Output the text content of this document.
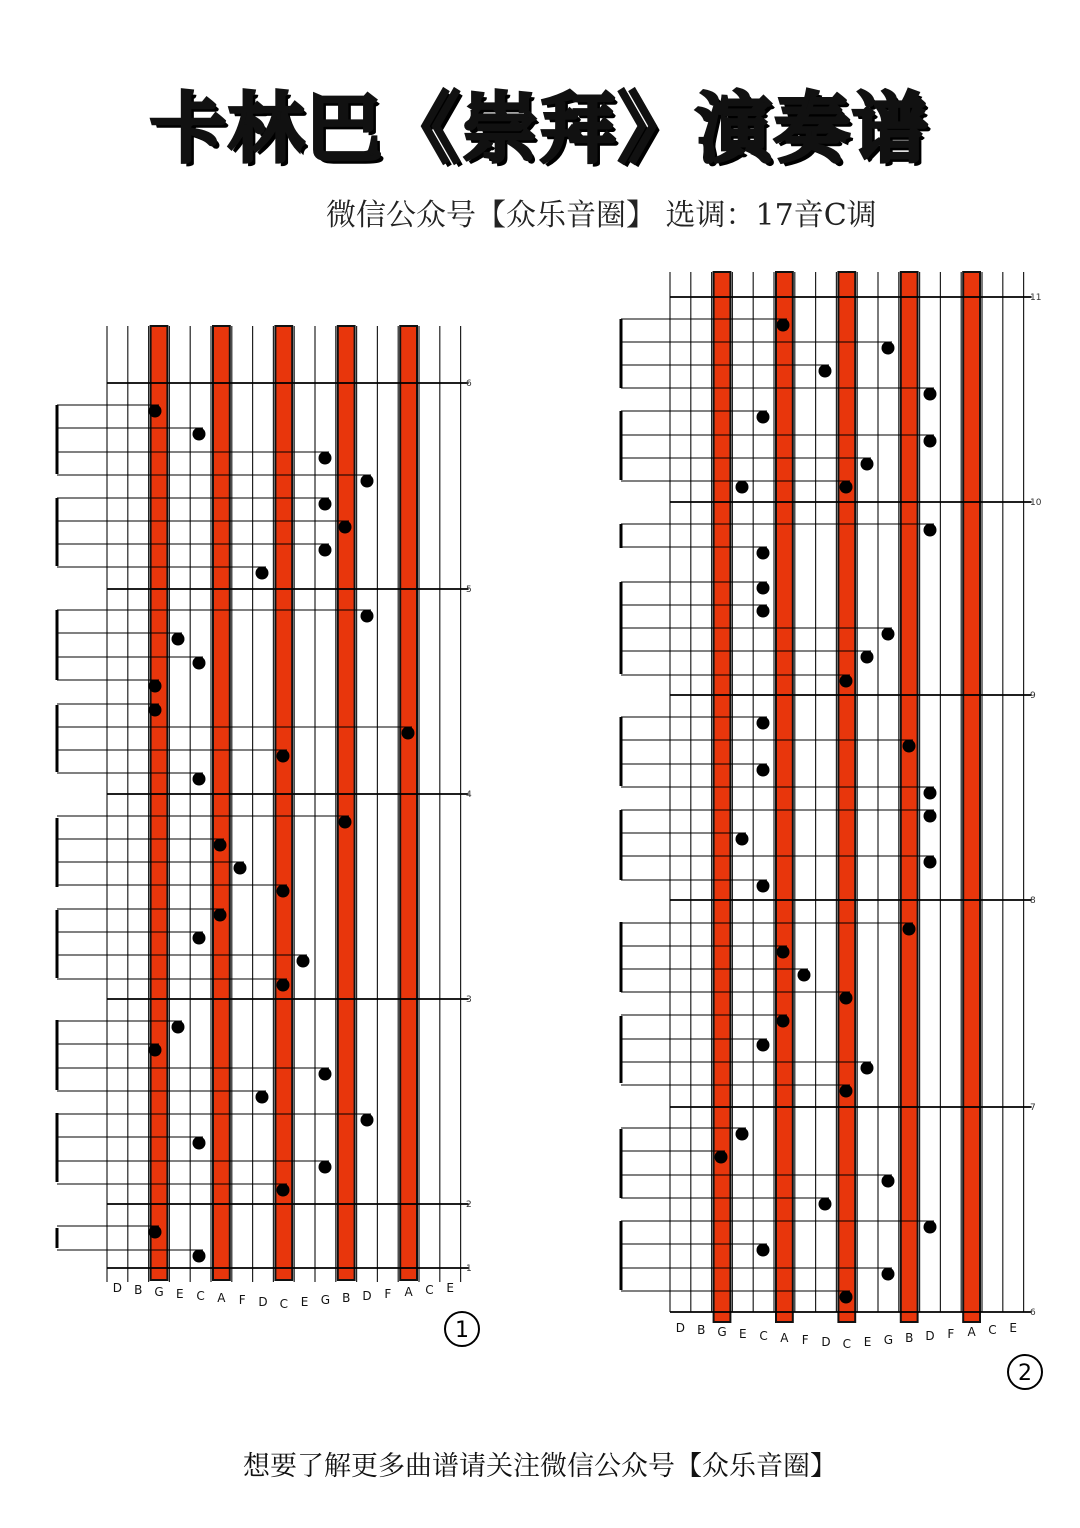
卡林巴《崇拜》演奏谱
微信公众号【众乐音圈】 选调：17音C调
想要了解更多曲谱请关注微信公众号【众乐音圈】
6
5
4
3
2
1
D B G E C A F D C E G B D F A C E
1
11
10
9
8
7
6
D B G E C A F D C E G B D F A C E
2
